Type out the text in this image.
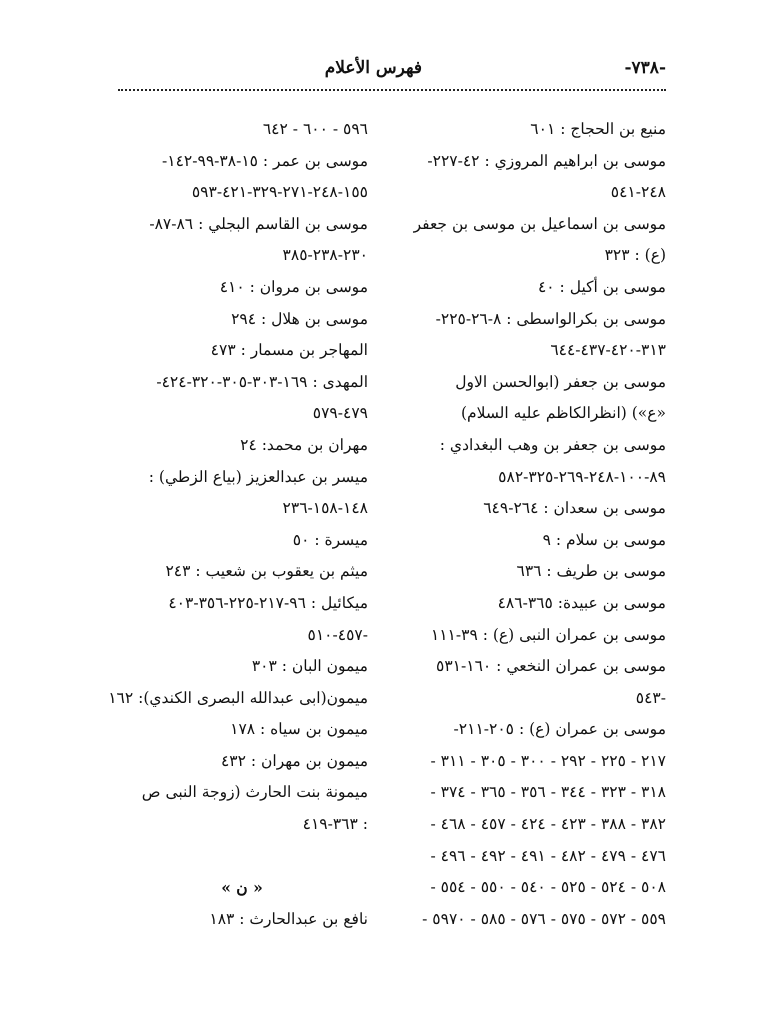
-٧٣٨-
فهرس الأعلام
منيع بن الحجاج : ٦٠١
موسى بن ابراهيم المروزي : ٤٢-٢٢٧-
٢٤٨-٥٤١
موسى بن اسماعيل بن موسى بن جعفر
(ع) : ٣٢٣
موسى بن أكيل : ٤٠
موسى بن بكرالواسطى : ٨-٢٦-٢٢٥-
٣١٣-٤٢٠-٤٣٧-٦٤٤
موسى بن جعفر (ابوالحسن الاول
«ع») (انظرالكاظم عليه السلام)
موسى بن جعفر بن وهب البغدادي :
٨٩-١٠٠-٢٤٨-٢٦٩-٣٢٥-٥٨٢
موسى بن سعدان : ٢٦٤-٦٤٩
موسى بن سلام : ٩
موسى بن طريف : ٦٣٦
موسى بن عبيدة: ٣٦٥-٤٨٦
موسى بن عمران النبى (ع) : ٣٩-١١١
موسى بن عمران النخعي : ١٦٠-٥٣١
-٥٤٣
موسى بن عمران (ع) : ٢٠٥-٢١١-
٢١٧ - ٢٢٥ - ٢٩٢ - ٣٠٠ - ٣٠٥ - ٣١١ -
٣١٨ - ٣٢٣ - ٣٤٤ - ٣٥٦ - ٣٦٥ - ٣٧٤ -
٣٨٢ - ٣٨٨ - ٤٢٣ - ٤٢٤ - ٤٥٧ - ٤٦٨ -
٤٧٦ - ٤٧٩ - ٤٨٢ - ٤٩١ - ٤٩٢ - ٤٩٦ -
٥٠٨ - ٥٢٤ - ٥٢٥ - ٥٤٠ - ٥٥٠ - ٥٥٤ -
٥٥٩ - ٥٧٢ - ٥٧٥ - ٥٧٦ - ٥٨٥ - ٥٩٧٠ -
٥٩٦ - ٦٠٠ - ٦٤٢
موسى بن عمر : ١٥-٣٨-٩٩-١٤٢-
١٥٥-٢٤٨-٢٧١-٣٢٩-٤٢١-٥٩٣
موسى بن القاسم البجلي : ٨٦-٨٧-
٢٣٠-٢٣٨-٣٨٥
موسى بن مروان : ٤١٠
موسى بن هلال : ٢٩٤
المهاجر بن مسمار : ٤٧٣
المهدى : ١٦٩-٣٠٣-٣٠٥-٣٢٠-٤٢٤-
٤٧٩-٥٧٩
مهران بن محمد: ٢٤
ميسر بن عبدالعزيز (بياع الزطي) :
١٤٨-١٥٨-٢٣٦
ميسرة : ٥٠
ميثم بن يعقوب بن شعيب : ٢٤٣
ميكائيل : ٩٦-٢١٧-٢٢٥-٣٥٦-٤٠٣
-٤٥٧-٥١٠
ميمون البان : ٣٠٣
ميمون(ابى عبدالله البصرى الكندي): ١٦٢
ميمون بن سياه : ١٧٨
ميمون بن مهران : ٤٣٢
ميمونة بنت الحارث (زوجة النبى ص
: ٣٦٣-٤١٩
« ن »
نافع بن عبدالحارث : ١٨٣
